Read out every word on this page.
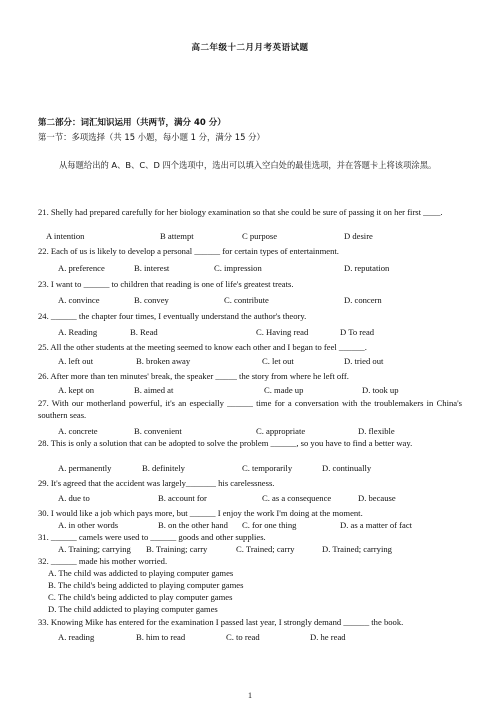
高二年级十二月月考英语试题
第二部分：词汇知识运用（共两节，满分 40 分）
第一节：多项选择（共 15 小题，每小题 1 分，满分 15 分）
从每题给出的 A、B、C、D 四个选项中，选出可以填入空白处的最佳选项，并在答题卡上将该项涂黑。
21. Shelly had prepared carefully for her biology examination so that she could be sure of passing it on her first ____.
A intention	B attempt	C purpose	D desire
22. Each of us is likely to develop a personal ______ for certain types of entertainment.
A. preference	B. interest	C. impression	D. reputation
23. I want to ______ to children that reading is one of life's greatest treats.
A. convince	B. convey	C. contribute	D. concern
24. ______ the chapter four times, I eventually understand the author's theory.
A. Reading	B. Read	C. Having read	D To read
25. All the other students at the meeting seemed to know each other and I began to feel ______.
A. left out	B. broken away	C. let out	D. tried out
26. After more than ten minutes' break, the speaker _____ the story from where he left off.
A. kept on	B. aimed at	C. made up	D. took up
27. With our motherland powerful, it's an especially ______ time for a conversation with the troublemakers in China's southern seas.
A. concrete	B. convenient	C. appropriate	D. flexible
28. This is only a solution that can be adopted to solve the problem ______, so you have to find a better way.
A. permanently	B. definitely	C. temporarily	D. continually
29. It's agreed that the accident was largely_______ his carelessness.
A. due to	B. account for	C. as a consequence	D. because
30. I would like a job which pays more, but ______ I enjoy the work I'm doing at the moment.
A. in other words	B. on the other hand C. for one thing	D. as a matter of fact
31. ______ camels were used to ______ goods and other supplies.
A. Training; carrying B. Training; carry	C. Trained; carry	D. Trained; carrying
32. ______ made his mother worried.
A. The child was addicted to playing computer games
B. The child's being addicted to playing computer games
C. The child's being addicted to play computer games
D. The child addicted to playing computer games
33. Knowing Mike has entered for the examination I passed last year, I strongly demand ______ the book.
A. reading	B. him to read	C. to read	D. he read
1
